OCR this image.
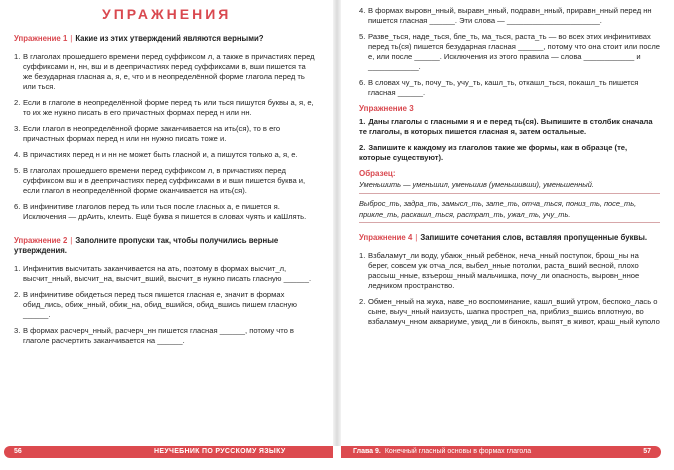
УПРАЖНЕНИЯ
Упражнение 1 | Какие из этих утверждений являются верными?
1. В глаголах прошедшего времени перед суффиксом л, а также в причастиях перед суффиксами н, нн, вш и в деепричастиях перед суффиксами в, вши пишется та же безударная гласная а, я, е, что и в неопределённой форме глагола перед ть или ться.
2. Если в глаголе в неопределённой форме перед ть или ться пишутся буквы а, я, е, то их же нужно писать в его причастных формах перед н или нн.
3. Если глагол в неопределённой форме заканчивается на ить(ся), то в его причастных формах перед н или нн нужно писать тоже и.
4. В причастиях перед н и нн не может быть гласной и, а пишутся только а, я, е.
5. В глаголах прошедшего времени перед суффиксом л, в причастиях перед суффиксом вш и в деепричастиях перед суффиксами в и вши пишется буква и, если глагол в неопределённой форме оканчивается на ить(ся).
6. В инфинитиве глаголов перед ть или ться после гласных а, е пишется я. Исключения — дрАить, клеить. Ещё буква я пишется в словах чуять и каШлять.
Упражнение 2 | Заполните пропуски так, чтобы получились верные утверждения.
1. Инфинитив высчитать заканчивается на ать, поэтому в формах высчит_л, высчит_нный, высчит_на, высчит_вший, высчит_в нужно писать гласную ______.
2. В инфинитиве обидеться перед ться пишется гласная е, значит в формах обид_лись, обиж_нный, обиж_на, обид_вшийся, обид_вшись пишем гласную ______.
3. В формах расчерч_нный, расчерч_нн пишется гласная ______, потому что в глаголе расчертить заканчивается на ______.
4. В формах выровн_нный, выравн_нный, подравн_нный, приравн_нный перед нн пишется гласная ______. Эти слова — ______________________.
5. Развe_ться, наде_ться, бле_ть, ма_ться, раста_ть — во всех этих инфинитивах перед ть(ся) пишется безударная гласная ______, потому что она стоит или после е, или после ______. Исключения из этого правила — слова ____________ и ____________.
6. В словах чу_ть, почу_ть, учу_ть, кашл_ть, откашл_ться, покашл_ть пишется гласная ______.
Упражнение 3
1. Даны глаголы с гласными я и е перед ть(ся). Выпишите в столбик сначала те глаголы, в которых пишется гласная я, затем остальные.
2. Запишите к каждому из глаголов такие же формы, как в образце (те, которые существуют).
Образец:
Уменьшить — уменьшил, уменьшив (уменьшивши), уменьшенный.
Выброс_ть, задра_ть, замысл_ть, зате_ть, отча_ться, пониз_ть, посе_ть, прикле_ть, раскашл_ться, растрат_ть, ужал_ть, учу_ть.
Упражнение 4 | Запишите сочетания слов, вставляя пропущенные буквы.
1. Взбаламут_ли воду, убаюк_нный ребёнок, неча_нный поступок, брош_ны на берег, совсем уж отча_лся, выбел_нные потолки, раста_вший весной, плохо раcсыш_нные, взъерош_нный мальчишка, почу_ли опасность, выровн_нное ледником пространство.
2. Обмен_нный на жука, наве_но воспоминание, кашл_вший утром, беспоко_лась о сыне, выуч_нный наизусть, шапка простреп_на, приблиз_вшись вплотную, во взбаламуч_нном аквариуме, увид_ли в бинокль, выпят_в живот, краш_ный куполо
56	НЕУЧЕБНИК ПО РУССКОМУ ЯЗЫКУ	Глава 9. Конечный гласный основы в формах глагола	57
